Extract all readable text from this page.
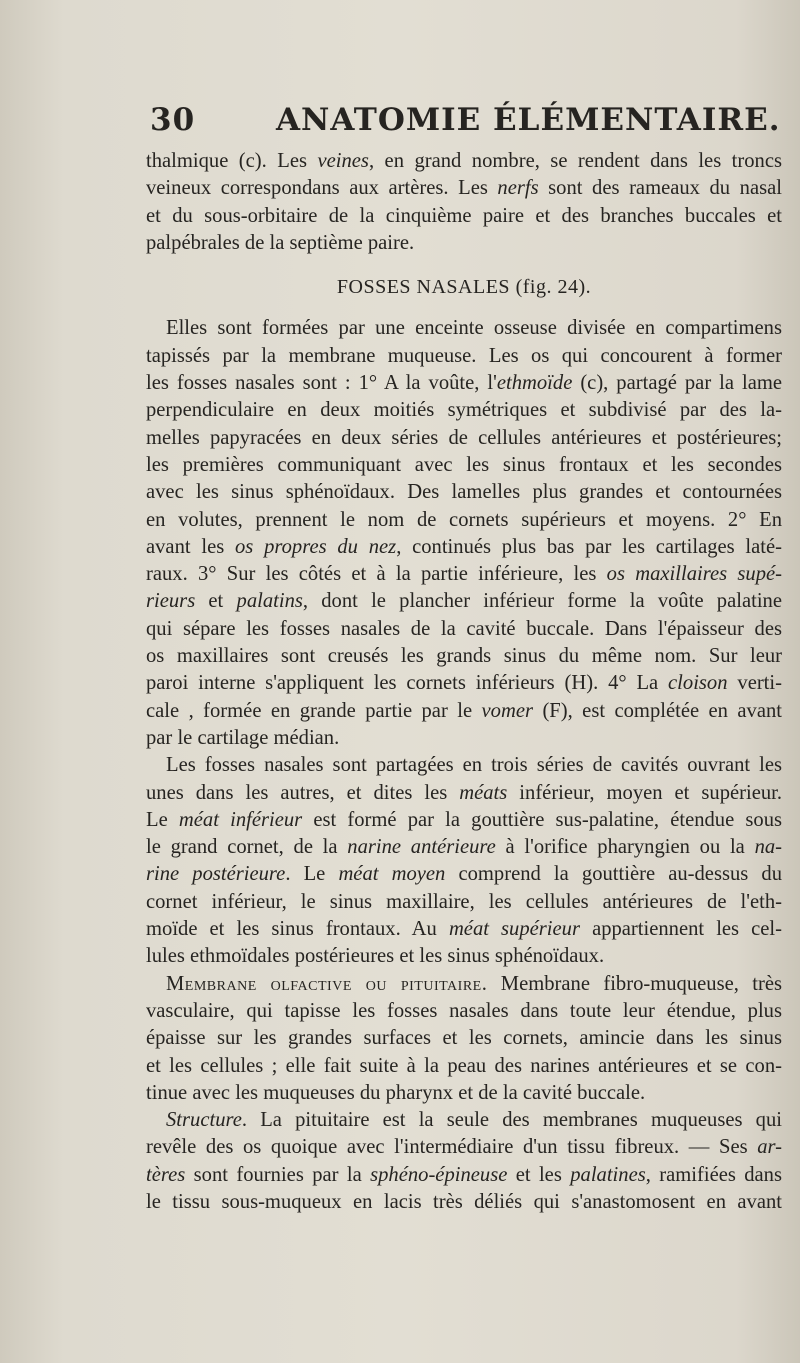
30	ANATOMIE ÉLÉMENTAIRE.
thalmique (c). Les veines, en grand nombre, se rendent dans les troncs
veineux correspondans aux artères. Les nerfs sont des rameaux du nasal
et du sous-orbitaire de la cinquième paire et des branches buccales et
palpébrales de la septième paire.
FOSSES NASALES (fig. 24).
Elles sont formées par une enceinte osseuse divisée en compartimens
tapissés par la membrane muqueuse. Les os qui concourent à former
les fosses nasales sont : 1° A la voûte, l'ethmoïde (c), partagé par la lame
perpendiculaire en deux moitiés symétriques et subdivisé par des la-
melles papyracées en deux séries de cellules antérieures et postérieures;
les premières communiquant avec les sinus frontaux et les secondes
avec les sinus sphénoïdaux. Des lamelles plus grandes et contournées
en volutes, prennent le nom de cornets supérieurs et moyens. 2° En
avant les os propres du nez, continués plus bas par les cartilages laté-
raux. 3° Sur les côtés et à la partie inférieure, les os maxillaires supé-
rieurs et palatins, dont le plancher inférieur forme la voûte palatine
qui sépare les fosses nasales de la cavité buccale. Dans l'épaisseur des
os maxillaires sont creusés les grands sinus du même nom. Sur leur
paroi interne s'appliquent les cornets inférieurs (H). 4° La cloison verti-
cale , formée en grande partie par le vomer (F), est complétée en avant
par le cartilage médian.
Les fosses nasales sont partagées en trois séries de cavités ouvrant les
unes dans les autres, et dites les méats inférieur, moyen et supérieur.
Le méat inférieur est formé par la gouttière sus-palatine, étendue sous
le grand cornet, de la narine antérieure à l'orifice pharyngien ou la na-
rine postérieure. Le méat moyen comprend la gouttière au-dessus du
cornet inférieur, le sinus maxillaire, les cellules antérieures de l'eth-
moïde et les sinus frontaux. Au méat supérieur appartiennent les cel-
lules ethmoïdales postérieures et les sinus sphénoïdaux.
Membrane olfactive ou pituitaire. Membrane fibro-muqueuse, très
vasculaire, qui tapisse les fosses nasales dans toute leur étendue, plus
épaisse sur les grandes surfaces et les cornets, amincie dans les sinus
et les cellules ; elle fait suite à la peau des narines antérieures et se con-
tinue avec les muqueuses du pharynx et de la cavité buccale.
Structure. La pituitaire est la seule des membranes muqueuses qui
revêle des os quoique avec l'intermédiaire d'un tissu fibreux. — Ses ar-
tères sont fournies par la sphéno-épineuse et les palatines, ramifiées dans
le tissu sous-muqueux en lacis très déliés qui s'anastomosent en avant
